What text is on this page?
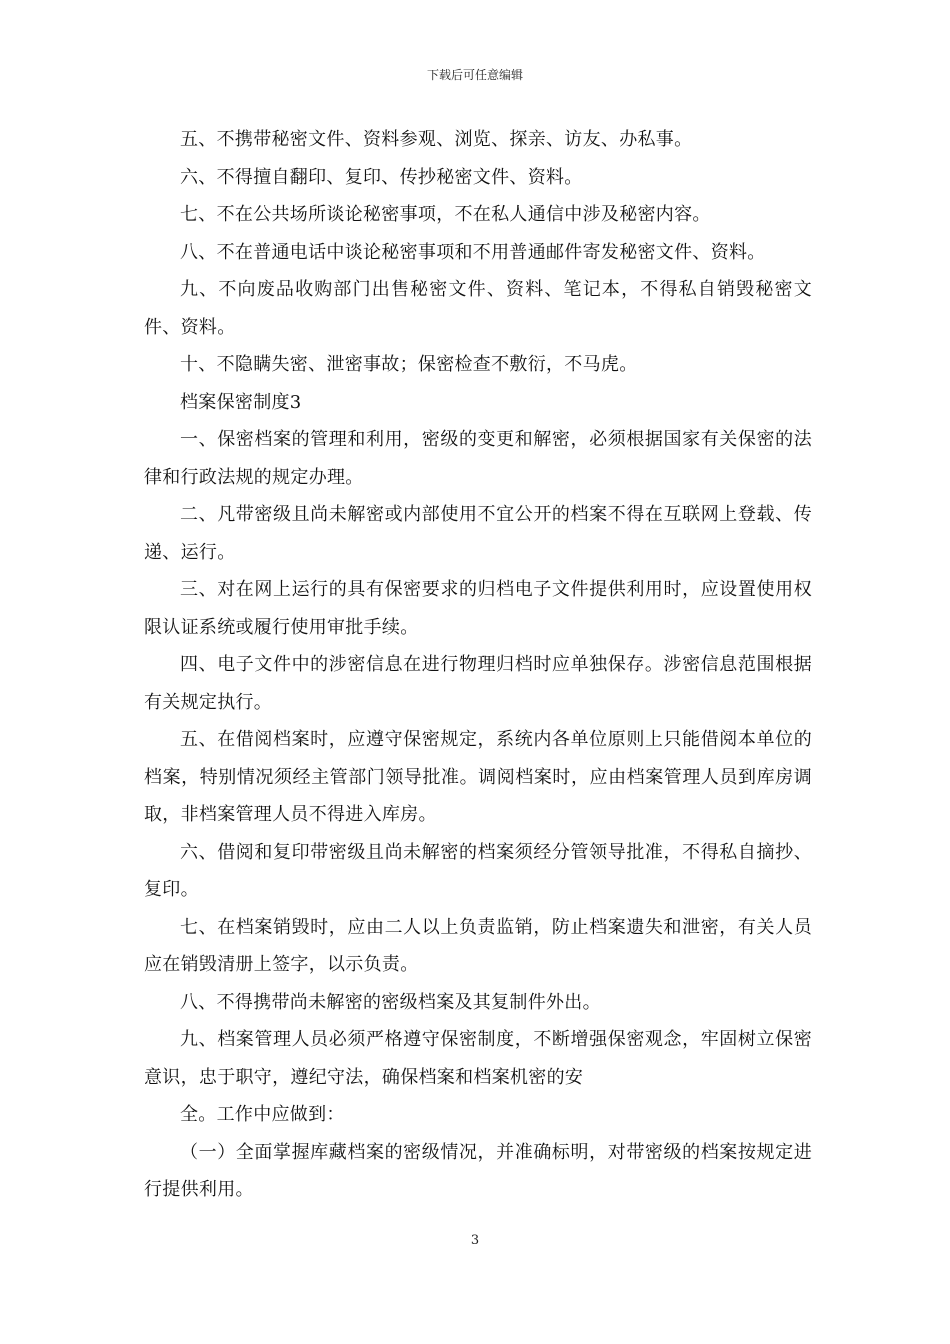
下载后可任意编辑

五、不携带秘密文件、资料参观、浏览、探亲、访友、办私事。

六、不得擅自翻印、复印、传抄秘密文件、资料。

七、不在公共场所谈论秘密事项，不在私人通信中涉及秘密内容。

八、不在普通电话中谈论秘密事项和不用普通邮件寄发秘密文件、资料。

九、不向废品收购部门出售秘密文件、资料、笔记本，不得私自销毁秘密文件、资料。

十、不隐瞒失密、泄密事故；保密检查不敷衍，不马虎。

档案保密制度3

一、保密档案的管理和利用，密级的变更和解密，必须根据国家有关保密的法律和行政法规的规定办理。

二、凡带密级且尚未解密或内部使用不宜公开的档案不得在互联网上登载、传递、运行。

三、对在网上运行的具有保密要求的归档电子文件提供利用时，应设置使用权限认证系统或履行使用审批手续。

四、电子文件中的涉密信息在进行物理归档时应单独保存。涉密信息范围根据有关规定执行。

五、在借阅档案时，应遵守保密规定，系统内各单位原则上只能借阅本单位的档案，特别情况须经主管部门领导批准。调阅档案时，应由档案管理人员到库房调取，非档案管理人员不得进入库房。

六、借阅和复印带密级且尚未解密的档案须经分管领导批准，不得私自摘抄、复印。

七、在档案销毁时，应由二人以上负责监销，防止档案遗失和泄密，有关人员应在销毁清册上签字，以示负责。

八、不得携带尚未解密的密级档案及其复制件外出。

九、档案管理人员必须严格遵守保密制度，不断增强保密观念，牢固树立保密意识，忠于职守，遵纪守法，确保档案和档案机密的安

全。工作中应做到：

（一）全面掌握库藏档案的密级情况，并准确标明，对带密级的档案按规定进行提供利用。

3
